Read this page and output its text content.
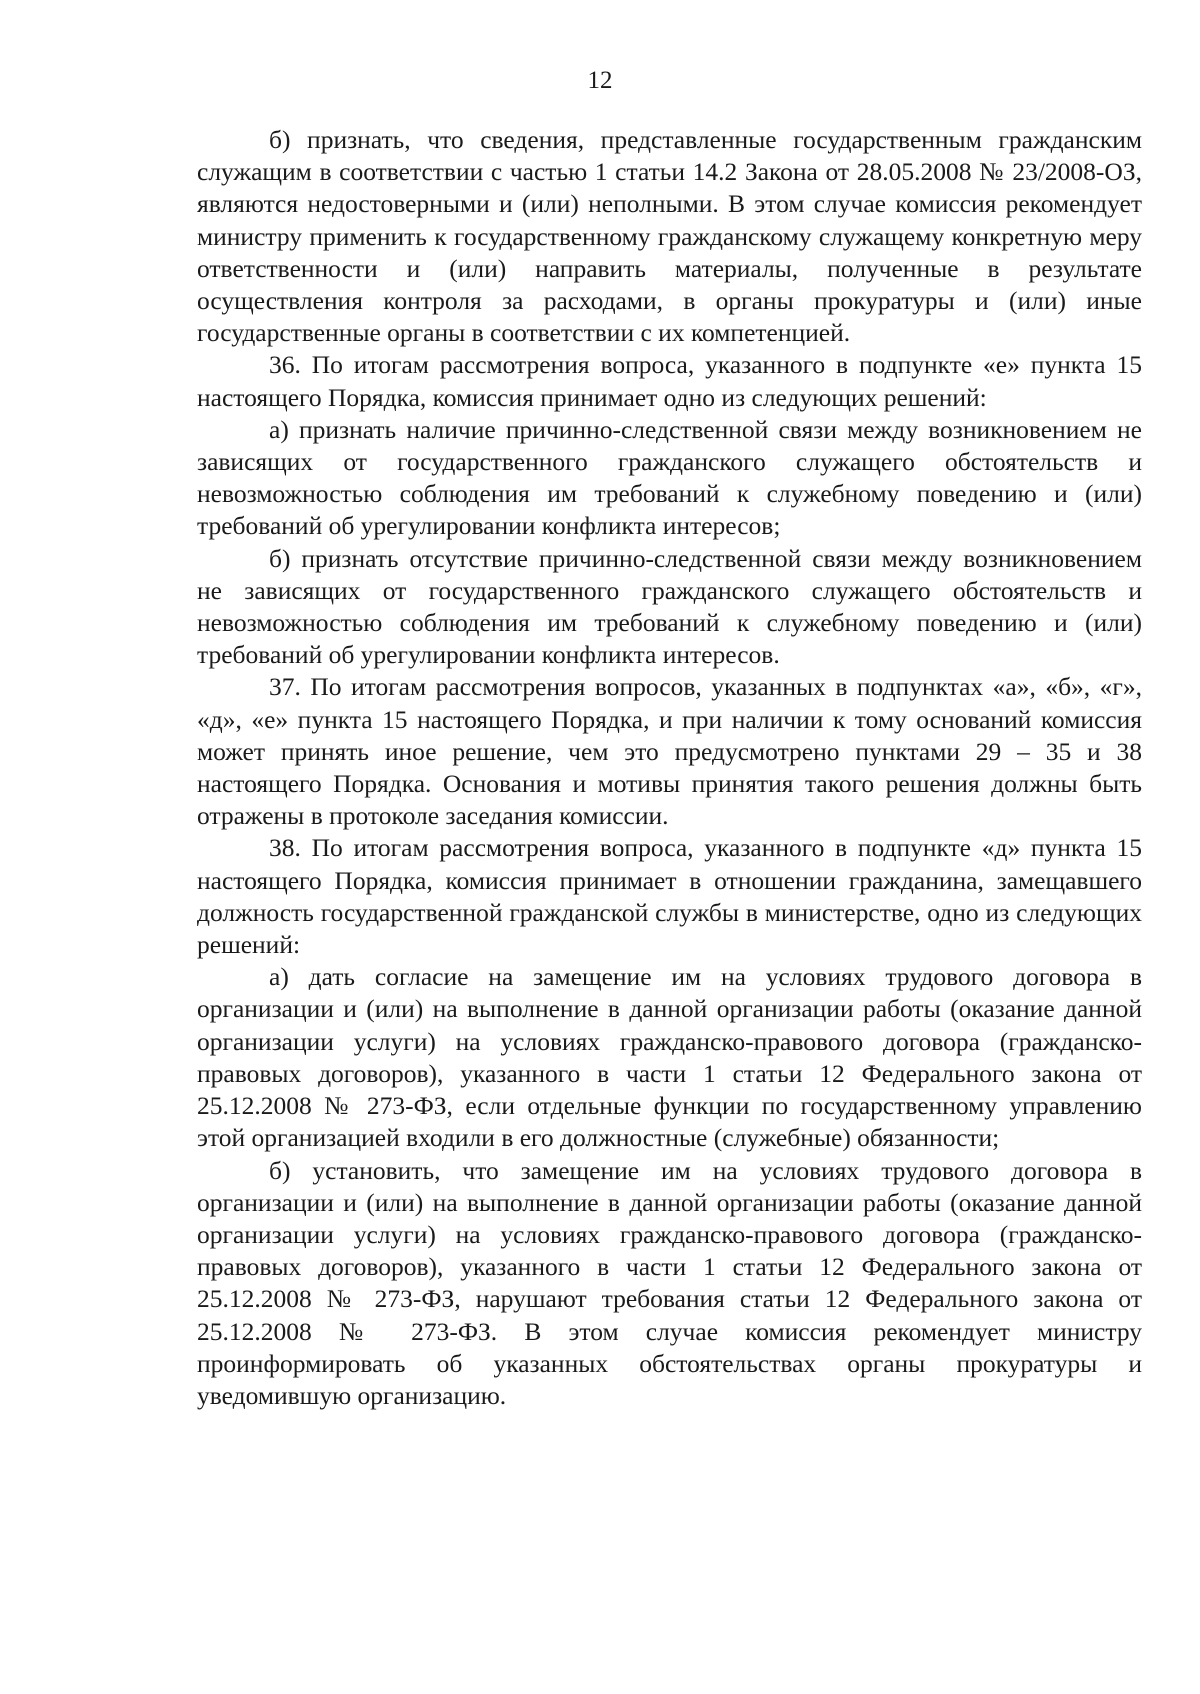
12

б) признать, что сведения, представленные государственным гражданским служащим в соответствии с частью 1 статьи 14.2 Закона от 28.05.2008 № 23/2008-ОЗ, являются недостоверными и (или) неполными. В этом случае комиссия рекомендует министру применить к государственному гражданскому служащему конкретную меру ответственности и (или) направить материалы, полученные в результате осуществления контроля за расходами, в органы прокуратуры и (или) иные государственные органы в соответствии с их компетенцией.

36. По итогам рассмотрения вопроса, указанного в подпункте «е» пункта 15 настоящего Порядка, комиссия принимает одно из следующих решений:

а) признать наличие причинно-следственной связи между возникновением не зависящих от государственного гражданского служащего обстоятельств и невозможностью соблюдения им требований к служебному поведению и (или) требований об урегулировании конфликта интересов;

б) признать отсутствие причинно-следственной связи между возникновением не зависящих от государственного гражданского служащего обстоятельств и невозможностью соблюдения им требований к служебному поведению и (или) требований об урегулировании конфликта интересов.

37. По итогам рассмотрения вопросов, указанных в подпунктах «а», «б», «г», «д», «е» пункта 15 настоящего Порядка, и при наличии к тому оснований комиссия может принять иное решение, чем это предусмотрено пунктами 29 – 35 и 38 настоящего Порядка. Основания и мотивы принятия такого решения должны быть отражены в протоколе заседания комиссии.

38. По итогам рассмотрения вопроса, указанного в подпункте «д» пункта 15 настоящего Порядка, комиссия принимает в отношении гражданина, замещавшего должность государственной гражданской службы в министерстве, одно из следующих решений:

а) дать согласие на замещение им на условиях трудового договора в организации и (или) на выполнение в данной организации работы (оказание данной организации услуги) на условиях гражданско-правового договора (гражданско-правовых договоров), указанного в части 1 статьи 12 Федерального закона от 25.12.2008 № 273-ФЗ, если отдельные функции по государственному управлению этой организацией входили в его должностные (служебные) обязанности;

б) установить, что замещение им на условиях трудового договора в организации и (или) на выполнение в данной организации работы (оказание данной организации услуги) на условиях гражданско-правового договора (гражданско-правовых договоров), указанного в части 1 статьи 12 Федерального закона от 25.12.2008 № 273-ФЗ, нарушают требования статьи 12 Федерального закона от 25.12.2008 № 273-ФЗ. В этом случае комиссия рекомендует министру проинформировать об указанных обстоятельствах органы прокуратуры и уведомившую организацию.
